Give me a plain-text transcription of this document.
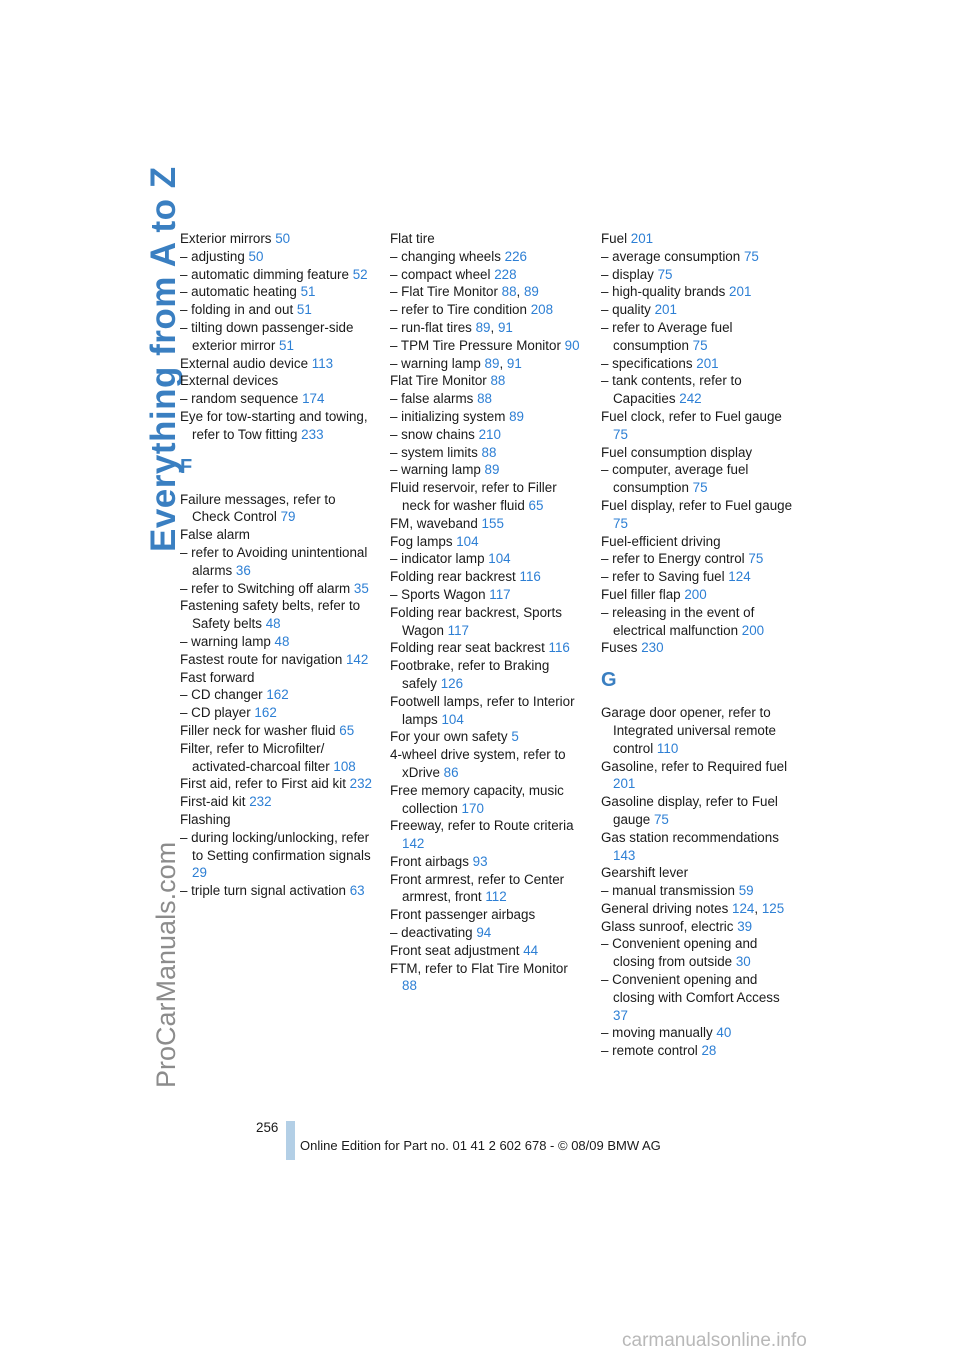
Everything from A to Z
ProCarManuals.com
Exterior mirrors 50
– adjusting 50
– automatic dimming feature 52
– automatic heating 51
– folding in and out 51
– tilting down passenger-side exterior mirror 51
External audio device 113
External devices
– random sequence 174
Eye for tow-starting and towing, refer to Tow fitting 233
F
Failure messages, refer to Check Control 79
False alarm
– refer to Avoiding unintentional alarms 36
– refer to Switching off alarm 35
Fastening safety belts, refer to Safety belts 48
– warning lamp 48
Fastest route for navigation 142
Fast forward
– CD changer 162
– CD player 162
Filler neck for washer fluid 65
Filter, refer to Microfilter/ activated-charcoal filter 108
First aid, refer to First aid kit 232
First-aid kit 232
Flashing
– during locking/unlocking, refer to Setting confirmation signals 29
– triple turn signal activation 63
Flat tire
– changing wheels 226
– compact wheel 228
– Flat Tire Monitor 88, 89
– refer to Tire condition 208
– run-flat tires 89, 91
– TPM Tire Pressure Monitor 90
– warning lamp 89, 91
Flat Tire Monitor 88
– false alarms 88
– initializing system 89
– snow chains 210
– system limits 88
– warning lamp 89
Fluid reservoir, refer to Filler neck for washer fluid 65
FM, waveband 155
Fog lamps 104
– indicator lamp 104
Folding rear backrest 116
– Sports Wagon 117
Folding rear backrest, Sports Wagon 117
Folding rear seat backrest 116
Footbrake, refer to Braking safely 126
Footwell lamps, refer to Interior lamps 104
For your own safety 5
4-wheel drive system, refer to xDrive 86
Free memory capacity, music collection 170
Freeway, refer to Route criteria 142
Front airbags 93
Front armrest, refer to Center armrest, front 112
Front passenger airbags
– deactivating 94
Front seat adjustment 44
FTM, refer to Flat Tire Monitor 88
Fuel 201
– average consumption 75
– display 75
– high-quality brands 201
– quality 201
– refer to Average fuel consumption 75
– specifications 201
– tank contents, refer to Capacities 242
Fuel clock, refer to Fuel gauge 75
Fuel consumption display
– computer, average fuel consumption 75
Fuel display, refer to Fuel gauge 75
Fuel-efficient driving
– refer to Energy control 75
– refer to Saving fuel 124
Fuel filler flap 200
– releasing in the event of electrical malfunction 200
Fuses 230
G
Garage door opener, refer to Integrated universal remote control 110
Gasoline, refer to Required fuel 201
Gasoline display, refer to Fuel gauge 75
Gas station recommendations 143
Gearshift lever
– manual transmission 59
General driving notes 124, 125
Glass sunroof, electric 39
– Convenient opening and closing from outside 30
– Convenient opening and closing with Comfort Access 37
– moving manually 40
– remote control 28
256
Online Edition for Part no. 01 41 2 602 678 - © 08/09 BMW AG
carmanualsonline.info
